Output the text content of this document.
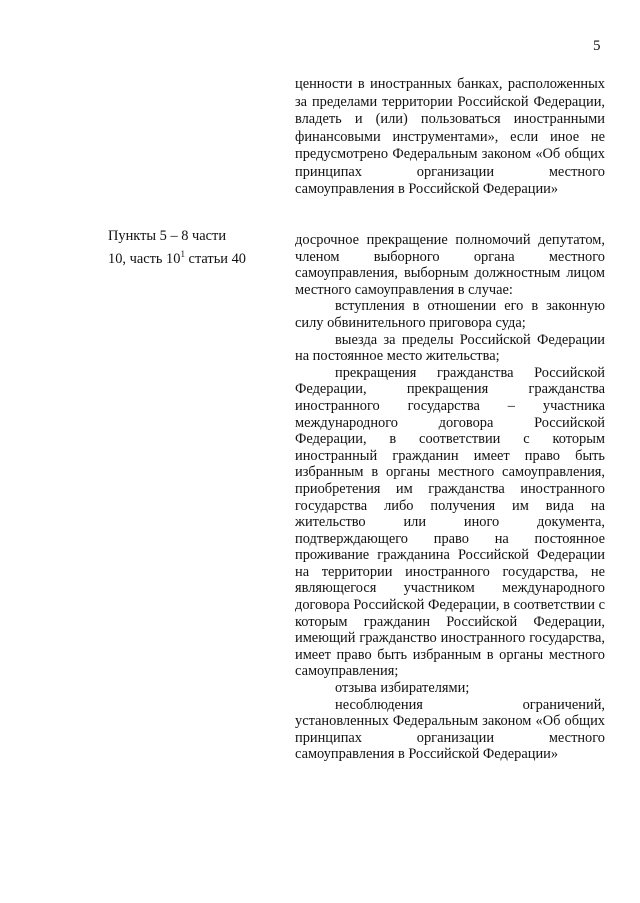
5

ценности в иностранных банках, расположенных за пределами территории Российской Федерации, владеть и (или) пользоваться иностранными финансовыми инструментами», если иное не предусмотрено Федеральным законом «Об общих принципах организации местного самоуправления в Российской Федерации»

Пункты 5 – 8 части
10, часть $10^1$ статьи 40

досрочное прекращение полномочий депутатом, членом выборного органа местного самоуправления, выборным должностным лицом местного самоуправления в случае:

вступления в отношении его в законную силу обвинительного приговора суда;

выезда за пределы Российской Федерации на постоянное место жительства;

прекращения гражданства Российской Федерации, прекращения гражданства иностранного государства – участника международного договора Российской Федерации, в соответствии с которым иностранный гражданин имеет право быть избранным в органы местного самоуправления, приобретения им гражданства иностранного государства либо получения им вида на жительство или иного документа, подтверждающего право на постоянное проживание гражданина Российской Федерации на территории иностранного государства, не являющегося участником международного договора Российской Федерации, в соответствии с которым гражданин Российской Федерации, имеющий гражданство иностранного государства, имеет право быть избранным в органы местного самоуправления;

отзыва избирателями;

несоблюдения ограничений, установленных Федеральным законом «Об общих принципах организации местного самоуправления в Российской Федерации»
